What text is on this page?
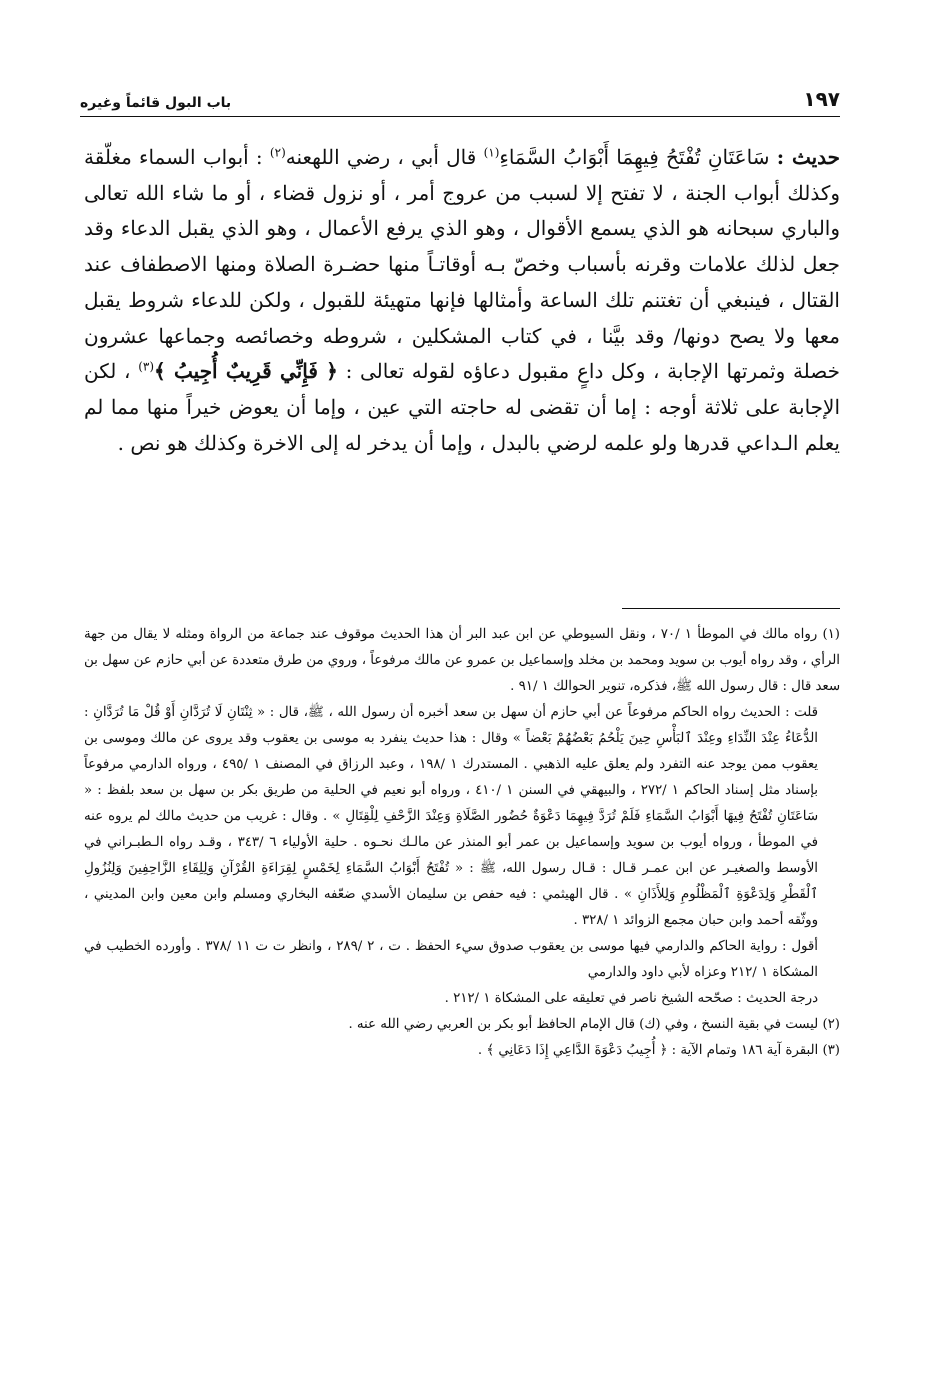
١٩٧
باب البول قائماً وغيره

حديث : سَاعَتَانِ تُفْتَحُ فِيهِمَا أَبْوَابُ السَّمَاءِ$^{(١)}$ قال أبي ، رضي اللهعنه$^{(٢)}$ : أبواب السماء مغلّقة وكذلك أبواب الجنة ، لا تفتح إلا لسبب من عروج أمر ، أو نزول قضاء ، أو ما شاء الله تعالى والباري سبحانه هو الذي يسمع الأقوال ، وهو الذي يرفع الأعمال ، وهو الذي يقبل الدعاء وقد جعل لذلك علامات وقرنه بأسباب وخصّ بـه أوقاتـاً منها حضـرة الصلاة ومنها الاصطفاف عند القتال ، فينبغي أن تغتنم تلك الساعة وأمثالها فإنها متهيئة للقبول ، ولكن للدعاء شروط يقبل معها ولا يصح دونها/ وقد بيَّنا ، في كتاب المشكلين ، شروطه وخصائصه وجماعها عشرون خصلة وثمرتها الإجابة ، وكل داعٍ مقبول دعاؤه لقوله تعالى : ﴿ فَإِنِّي قَرِيبٌ أُجِيبُ ﴾$^{(٣)}$ ، لكن الإجابة على ثلاثة أوجه : إما أن تقضى له حاجته التي عين ، وإما أن يعوض خيراً منها مما لم يعلم الـداعي قدرها ولو علمه لرضي بالبدل ، وإما أن يدخر له إلى الاخرة وكذلك هو نص .

(١) رواه مالك في الموطأ ١ /٧٠ ، ونقل السيوطي عن ابن عبد البر أن هذا الحديث موقوف عند جماعة من الرواة ومثله لا يقال من جهة الرأي ، وقد رواه أيوب بن سويد ومحمد بن مخلد وإسماعيل بن عمرو عن مالك مرفوعاً ، وروي من طرق متعددة عن أبي حازم عن سهل بن سعد قال : قال رسول الله ﷺ، فذكره، تنوير الحوالك ١ /٩١ .

قلت : الحديث رواه الحاكم مرفوعاً عن أبي حازم أن سهل بن سعد أخبره أن رسول الله ، ﷺ، قال : « ثِنْتَانِ لَا تُرَدَّانِ أَوْ قُلْ مَا تُرَدَّانِ : الدُّعَاءُ عِنْدَ النِّدَاءِ وعِنْدَ ٱلبَأْسِ حِينَ يَلْحُمُ بَعْضُهُمْ بَعْضاً » وقال : هذا حديث ينفرد به موسى بن يعقوب وقد يروى عن مالك وموسى بن يعقوب ممن يوجد عنه التفرد ولم يعلق عليه الذهبي . المستدرك ١ /١٩٨ ، وعبد الرزاق في المصنف ١ /٤٩٥ ، ورواه الدارمي مرفوعاً بإسناد مثل إسناد الحاكم ١ /٢٧٢ ، والبيهقي في السنن ١ /٤١٠ ، ورواه أبو نعيم في الحلية من طريق بكر بن سهل بن سعد بلفظ : « سَاعَتَانِ تُفْتَحُ فِيهَا أَبْوَابُ السَّمَاءِ فَلَمْ تُرَدَّ فِيهِمَا دَعْوَةٌ حُضُور الصَّلَاةِ وَعِنْدَ الزَّحْفِ لِلْقِتَالِ » . وقال : غريب من حديث مالك لم يروه عنه في الموطأ ، ورواه أيوب بن سويد وإسماعيل بن عمر أبو المنذر عن مالـك نحـوه . حلية الأولياء ٦ /٣٤٣ ، وقـد رواه الـطبـراني في الأوسط والصغيـر عن ابن عمـر قـال : قـال رسول الله، ﷺ : « تُفْتَحُ أَبْوَابُ السَّمَاءِ لِخَمْسٍ لِقِرَاءَةِ القُرْآنِ وَلِلِقَاءِ الزَّاحِفِينَ وَلِنُزُولِ ٱلْقَطْرِ وَلِدَعْوَةِ ٱلْمَظْلُومِ وَلِلأَذَانِ » . قال الهيثمي : فيه حفص بن سليمان الأسدي ضعّفه البخاري ومسلم وابن معين وابن المديني ، ووثّقه أحمد وابن حبان مجمع الزوائد ١ /٣٢٨ .

أقول : رواية الحاكم والدارمي فيها موسى بن يعقوب صدوق سيء الحفظ . ت ، ٢ /٢٨٩ ، وانظر ت ت ١١ /٣٧٨ . وأورده الخطيب في المشكاة ١ /٢١٢ وعزاه لأبي داود والدارمي

درجة الحديث : صحّحه الشيخ ناصر في تعليقه على المشكاة ١ /٢١٢ .

(٢) ليست في بقية النسخ ، وفي (ك) قال الإمام الحافظ أبو بكر بن العربي رضي الله عنه .

(٣) البقرة آية ١٨٦ وتمام الآية : ﴿ أُجِيبُ دَعْوَةَ الدَّاعِي إِذَا دَعَانِي ﴾ .
